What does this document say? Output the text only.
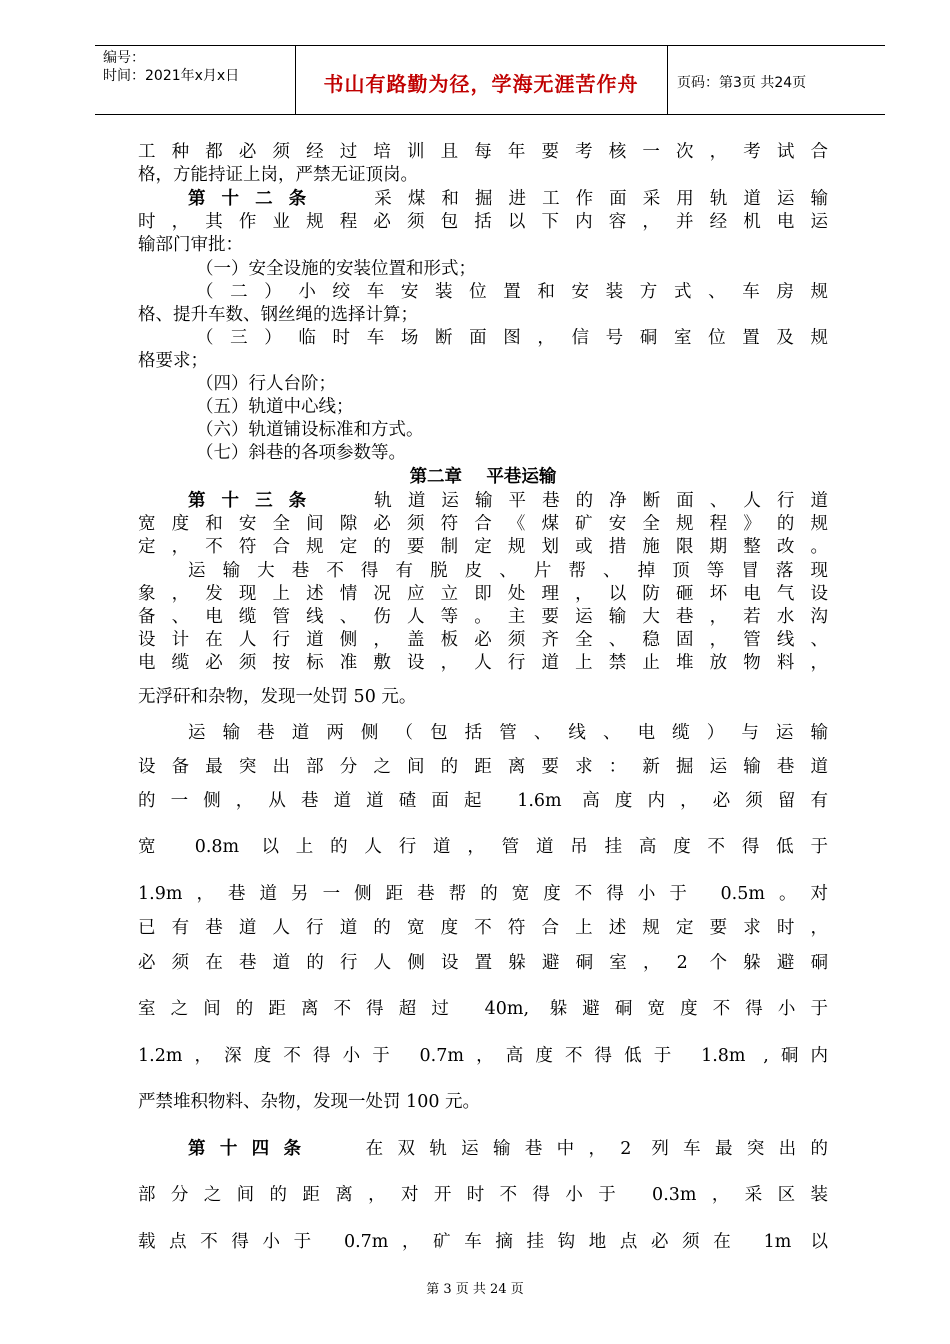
编号：
时间：2021年x月x日	书山有路勤为径，学海无涯苦作舟	页码：第3页 共24页
工种都必须经过培训且每年要考核一次，考试合
格，方能持证上岗，严禁无证顶岗。
第十二条 采煤和掘进工作面采用轨道运输
时，其作业规程必须包括以下内容，并经机电运
输部门审批：
（一）安全设施的安装位置和形式；
（二）小绞车安装位置和安装方式、车房规
格、提升车数、钢丝绳的选择计算；
（三）临时车场断面图，信号硐室位置及规
格要求；
（四）行人台阶；
（五）轨道中心线；
（六）轨道铺设标准和方式。
（七）斜巷的各项参数等。
第二章    平巷运输
第十三条 轨道运输平巷的净断面、人行道
宽度和安全间隙必须符合《煤矿安全规程》的规
定，不符合规定的要制定规划或措施限期整改。
运输大巷不得有脱皮、片帮、掉顶等冒落现
象，发现上述情况应立即处理，以防砸坏电气设
备、电缆管线、伤人等。主要运输大巷，若水沟
设计在人行道侧，盖板必须齐全、稳固，管线、
电缆必须按标准敷设，人行道上禁止堆放物料，
无浮矸和杂物，发现一处罚 50 元。
运输巷道两侧（包括管、线、电缆）与运输
设备最突出部分之间的距离要求：新掘运输巷道
的一侧，从巷道道碴面起 1.6m 高度内，必须留有
宽 0.8m 以上的人行道，管道吊挂高度不得低于
1.9m，巷道另一侧距巷帮的宽度不得小于 0.5m。对
已有巷道人行道的宽度不符合上述规定要求时，
必须在巷道的行人侧设置躲避硐室，2 个躲避硐
室之间的距离不得超过 40m, 躲避硐宽度不得小于
1.2m，深度不得小于 0.7m，高度不得低于 1.8m ,硐内
严禁堆积物料、杂物，发现一处罚 100 元。
第十四条 在双轨运输巷中，2 列车最突出的
部分之间的距离，对开时不得小于 0.3m，采区装
载点不得小于 0.7m，矿车摘挂钩地点必须在 1m 以
第 3 页 共 24 页
